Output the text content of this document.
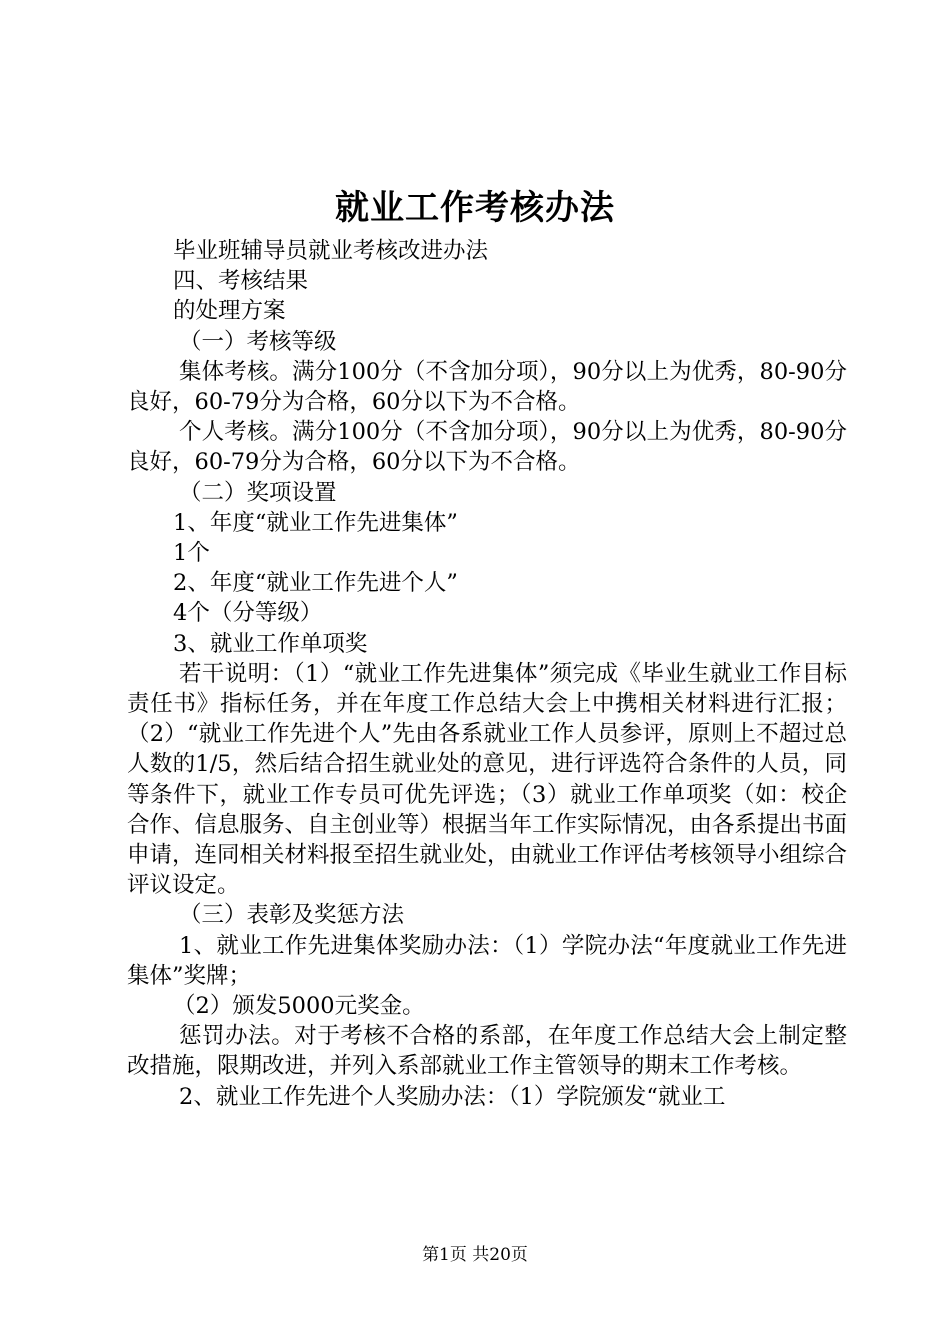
就业工作考核办法

毕业班辅导员就业考核改进办法

四、考核结果

的处理方案

（一）考核等级

集体考核。满分100分（不含加分项），90分以上为优秀，80-90分良好，60-79分为合格，60分以下为不合格。

个人考核。满分100分（不含加分项），90分以上为优秀，80-90分良好，60-79分为合格，60分以下为不合格。

（二）奖项设置

1、年度“就业工作先进集体”

1个

2、年度“就业工作先进个人”

4个（分等级）

3、就业工作单项奖

若干说明：（1）“就业工作先进集体”须完成《毕业生就业工作目标责任书》指标任务，并在年度工作总结大会上中携相关材料进行汇报；（2）“就业工作先进个人”先由各系就业工作人员参评，原则上不超过总人数的1/5，然后结合招生就业处的意见，进行评选符合条件的人员，同等条件下，就业工作专员可优先评选；（3）就业工作单项奖（如：校企合作、信息服务、自主创业等）根据当年工作实际情况，由各系提出书面申请，连同相关材料报至招生就业处，由就业工作评估考核领导小组综合评议设定。

（三）表彰及奖惩方法

1、就业工作先进集体奖励办法：（1）学院办法“年度就业工作先进集体”奖牌；

（2）颁发5000元奖金。

惩罚办法。对于考核不合格的系部，在年度工作总结大会上制定整改措施，限期改进，并列入系部就业工作主管领导的期末工作考核。

2、就业工作先进个人奖励办法：（1）学院颁发“就业工

第1页 共20页
